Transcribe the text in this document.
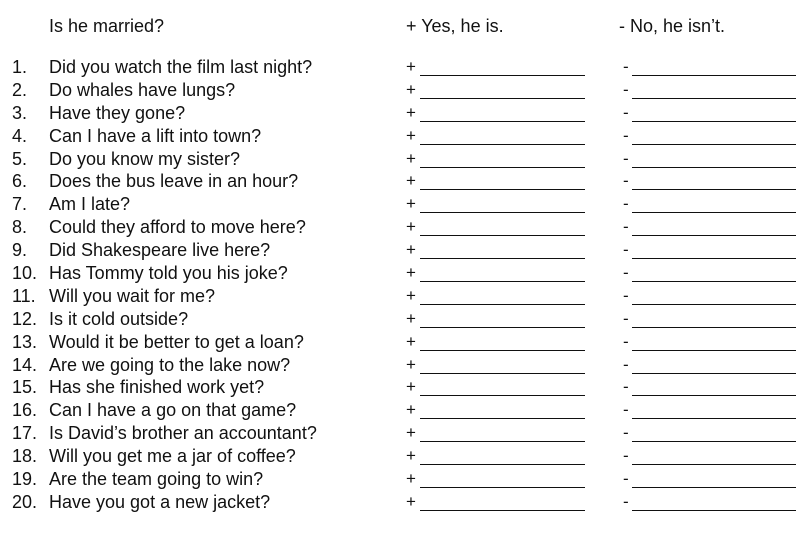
Is he married?	+ Yes, he is.	- No, he isn’t.
1. Did you watch the film last night?	+	-
2. Do whales have lungs?	+	-
3. Have they gone?	+	-
4. Can I have a lift into town?	+	-
5. Do you know my sister?	+	-
6. Does the bus leave in an hour?	+	-
7. Am I late?	+	-
8. Could they afford to move here?	+	-
9. Did Shakespeare live here?	+	-
10. Has Tommy told you his joke?	+	-
11. Will you wait for me?	+	-
12. Is it cold outside?	+	-
13. Would it be better to get a loan?	+	-
14. Are we going to the lake now?	+	-
15. Has she finished work yet?	+	-
16. Can I have a go on that game?	+	-
17. Is David’s brother an accountant?	+	-
18. Will you get me a jar of coffee?	+	-
19. Are the team going to win?	+	-
20. Have you got a new jacket?	+	-
